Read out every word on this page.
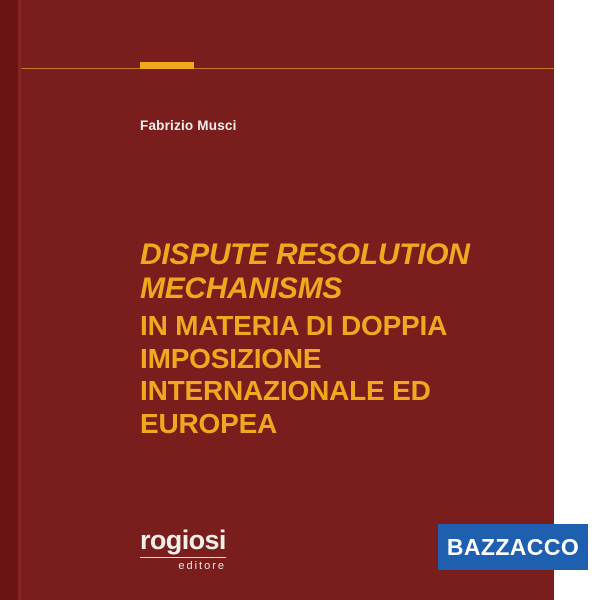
Fabrizio Musci
DISPUTE RESOLUTION MECHANISMS
IN MATERIA DI DOPPIA IMPOSIZIONE INTERNAZIONALE ED EUROPEA
rogiosi
editore
BAZZACCO
